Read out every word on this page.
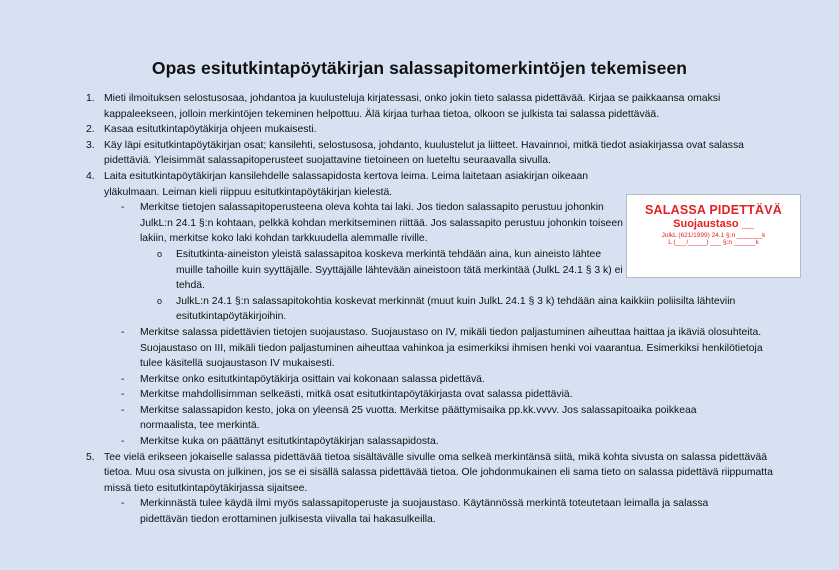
Opas esitutkintapöytäkirjan salassapitomerkintöjen tekemiseen
1. Mieti ilmoituksen selostusosaa, johdantoa ja kuulusteluja kirjatessasi, onko jokin tieto salassa pidettävää. Kirjaa se paikkaansa omaksi kappaleekseen, jolloin merkintöjen tekeminen helpottuu. Älä kirjaa turhaa tietoa, olkoon se julkista tai salassa pidettävää.
2. Kasaa esitutkintapöytäkirja ohjeen mukaisesti.
3. Käy läpi esitutkintapöytäkirjan osat; kansilehti, selostusosa, johdanto, kuulustelut ja liitteet. Havainnoi, mitkä tiedot asiakirjassa ovat salassa pidettäviä. Yleisimmät salassapitoperusteet suojattavine tietoineen on lueteltu seuraavalla sivulla.
4. Laita esitutkintapöytäkirjan kansilehdelle salassapidosta kertova leima. Leima laitetaan asiakirjan oikeaan yläkulmaan. Leiman kieli riippuu esitutkintapöytäkirjan kielestä.
- Merkitse tietojen salassapitoperusteena oleva kohta tai laki. Jos tiedon salassapito perustuu johonkin JulkL:n 24.1 §:n kohtaan, pelkkä kohdan merkitseminen riittää. Jos salassapito perustuu johonkin toiseen lakiin, merkitse koko laki kohdan tarkkuudella alemmalle riville.
o Esitutkinta-aineiston yleistä salassapitoa koskeva merkintä tehdään aina, kun aineisto lähtee muille tahoille kuin syyttäjälle. Syyttäjälle lähtevään aineistoon tätä merkintää (JulkL 24.1 § 3 k) ei tehdä.
o JulkL:n 24.1 §:n salassapitokohtia koskevat merkinnät (muut kuin JulkL 24.1 § 3 k) tehdään aina kaikkiin poliisilta lähteviin esitutkintapöytäkirjoihin.
- Merkitse salassa pidettävien tietojen suojaustaso. Suojaustaso on IV, mikäli tiedon paljastuminen aiheuttaa haittaa ja ikäviä olosuhteita. Suojaustaso on III, mikäli tiedon paljastuminen aiheuttaa vahinkoa ja esimerkiksi ihmisen henki voi vaarantua. Esimerkiksi henkilötietoja tulee käsitellä suojaustason IV mukaisesti.
- Merkitse onko esitutkintapöytäkirja osittain vai kokonaan salassa pidettävä.
- Merkitse mahdollisimman selkeästi, mitkä osat esitutkintapöytäkirjasta ovat salassa pidettäviä.
- Merkitse salassapidon kesto, joka on yleensä 25 vuotta. Merkitse päättymisaika pp.kk.vvvv. Jos salassapitoaika poikkeaa normaalista, tee merkintä.
- Merkitse kuka on päättänyt esitutkintapöytäkirjan salassapidosta.
5. Tee vielä erikseen jokaiselle salassa pidettävää tietoa sisältävälle sivulle oma selkeä merkintänsä siitä, mikä kohta sivusta on salassa pidettävää tietoa. Muu osa sivusta on julkinen, jos se ei sisällä salassa pidettävää tietoa. Ole johdonmukainen eli sama tieto on salassa pidettävä riippumatta missä tieto esitutkintapöytäkirjassa sijaitsee.
- Merkinnästä tulee käydä ilmi myös salassapitoperuste ja suojaustaso. Käytännössä merkintä toteutetaan leimalla ja salassa pidettävän tiedon erottaminen julkisesta viivalla tai hakasulkeilla.
SALASSA PIDETTÄVÄ
Suojaustaso __
JulkL (621/1999) 24.1 §:n _______k
L (___/_____) ___ §:n ______k
